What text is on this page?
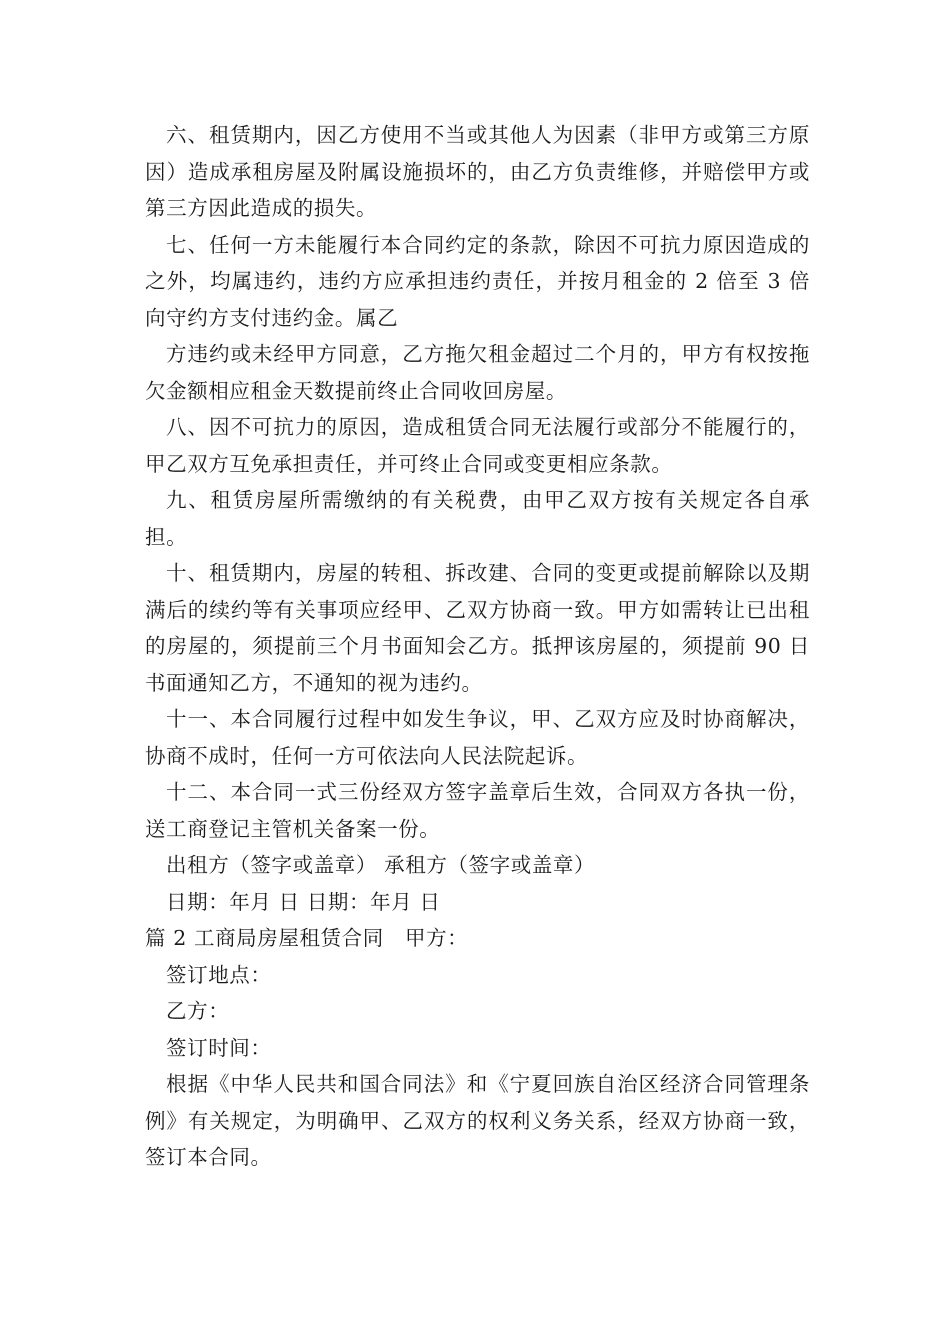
六、租赁期内，因乙方使用不当或其他人为因素（非甲方或第三方原因）造成承租房屋及附属设施损坏的，由乙方负责维修，并赔偿甲方或第三方因此造成的损失。

七、任何一方未能履行本合同约定的条款，除因不可抗力原因造成的之外，均属违约，违约方应承担违约责任，并按月租金的 2 倍至 3 倍向守约方支付违约金。属乙

方违约或未经甲方同意，乙方拖欠租金超过二个月的，甲方有权按拖欠金额相应租金天数提前终止合同收回房屋。

八、因不可抗力的原因，造成租赁合同无法履行或部分不能履行的，甲乙双方互免承担责任，并可终止合同或变更相应条款。

九、租赁房屋所需缴纳的有关税费，由甲乙双方按有关规定各自承担。

十、租赁期内，房屋的转租、拆改建、合同的变更或提前解除以及期满后的续约等有关事项应经甲、乙双方协商一致。甲方如需转让已出租的房屋的，须提前三个月书面知会乙方。抵押该房屋的，须提前 90 日书面通知乙方，不通知的视为违约。

十一、本合同履行过程中如发生争议，甲、乙双方应及时协商解决，协商不成时，任何一方可依法向人民法院起诉。

十二、本合同一式三份经双方签字盖章后生效，合同双方各执一份，送工商登记主管机关备案一份。

出租方（签字或盖章） 承租方（签字或盖章）

日期：年月 日 日期：年月 日

篇 2 工商局房屋租赁合同　甲方：

签订地点：

乙方：

签订时间：

根据《中华人民共和国合同法》和《宁夏回族自治区经济合同管理条例》有关规定，为明确甲、乙双方的权利义务关系，经双方协商一致，签订本合同。
